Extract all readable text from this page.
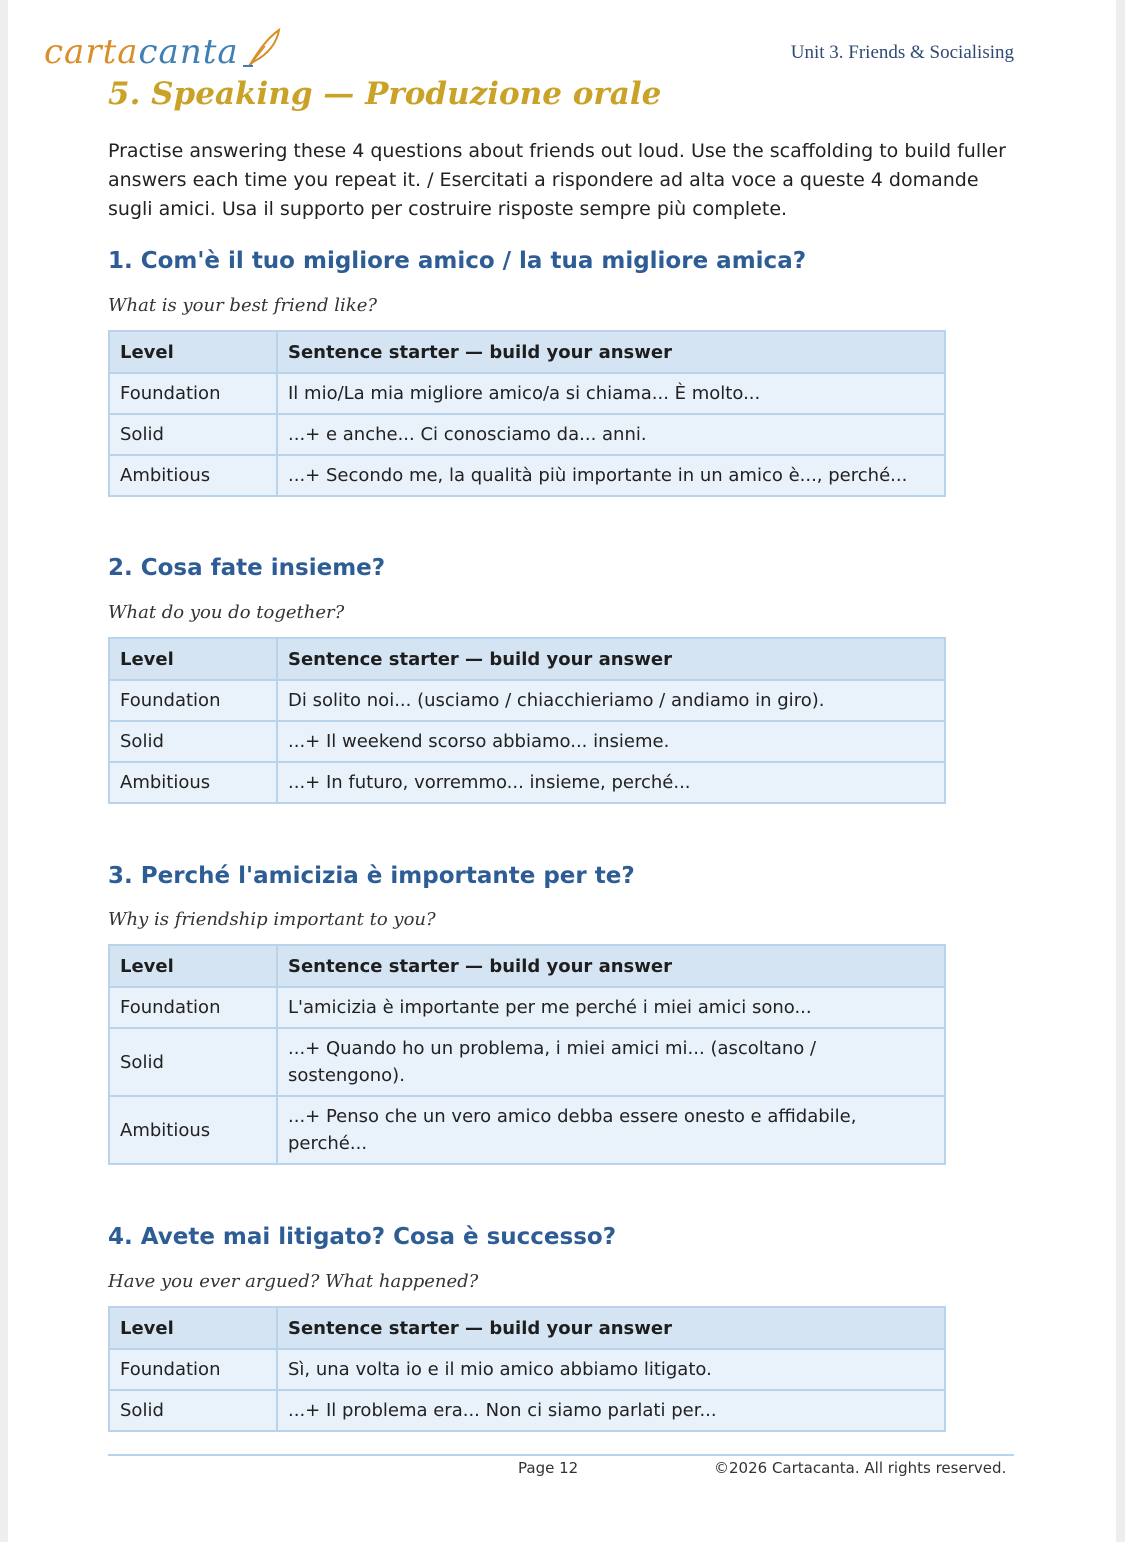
carta canta	Unit 3. Friends & Socialising
5. Speaking — Produzione orale

Practise answering these 4 questions about friends out loud. Use the scaffolding to build fuller answers each time you repeat it. / Esercitati a rispondere ad alta voce a queste 4 domande sugli amici. Usa il supporto per costruire risposte sempre più complete.

1. Com'è il tuo migliore amico / la tua migliore amica?

What is your best friend like?

Level	Sentence starter — build your answer
Foundation	Il mio/La mia migliore amico/a si chiama... È molto...
Solid	...+ e anche... Ci conosciamo da... anni.
Ambitious	...+ Secondo me, la qualità più importante in un amico è..., perché...
2. Cosa fate insieme?

What do you do together?

Level	Sentence starter — build your answer
Foundation	Di solito noi... (usciamo / chiacchieriamo / andiamo in giro).
Solid	...+ Il weekend scorso abbiamo... insieme.
Ambitious	...+ In futuro, vorremmo... insieme, perché...
3. Perché l'amicizia è importante per te?

Why is friendship important to you?

Level	Sentence starter — build your answer
Foundation	L'amicizia è importante per me perché i miei amici sono...
Solid	...+ Quando ho un problema, i miei amici mi... (ascoltano / sostengono).
Ambitious	...+ Penso che un vero amico debba essere onesto e affidabile, perché...
4. Avete mai litigato? Cosa è successo?

Have you ever argued? What happened?

Level	Sentence starter — build your answer
Foundation	Sì, una volta io e il mio amico abbiamo litigato.
Solid	...+ Il problema era... Non ci siamo parlati per...
Page 12	©2026 Cartacanta. All rights reserved.
